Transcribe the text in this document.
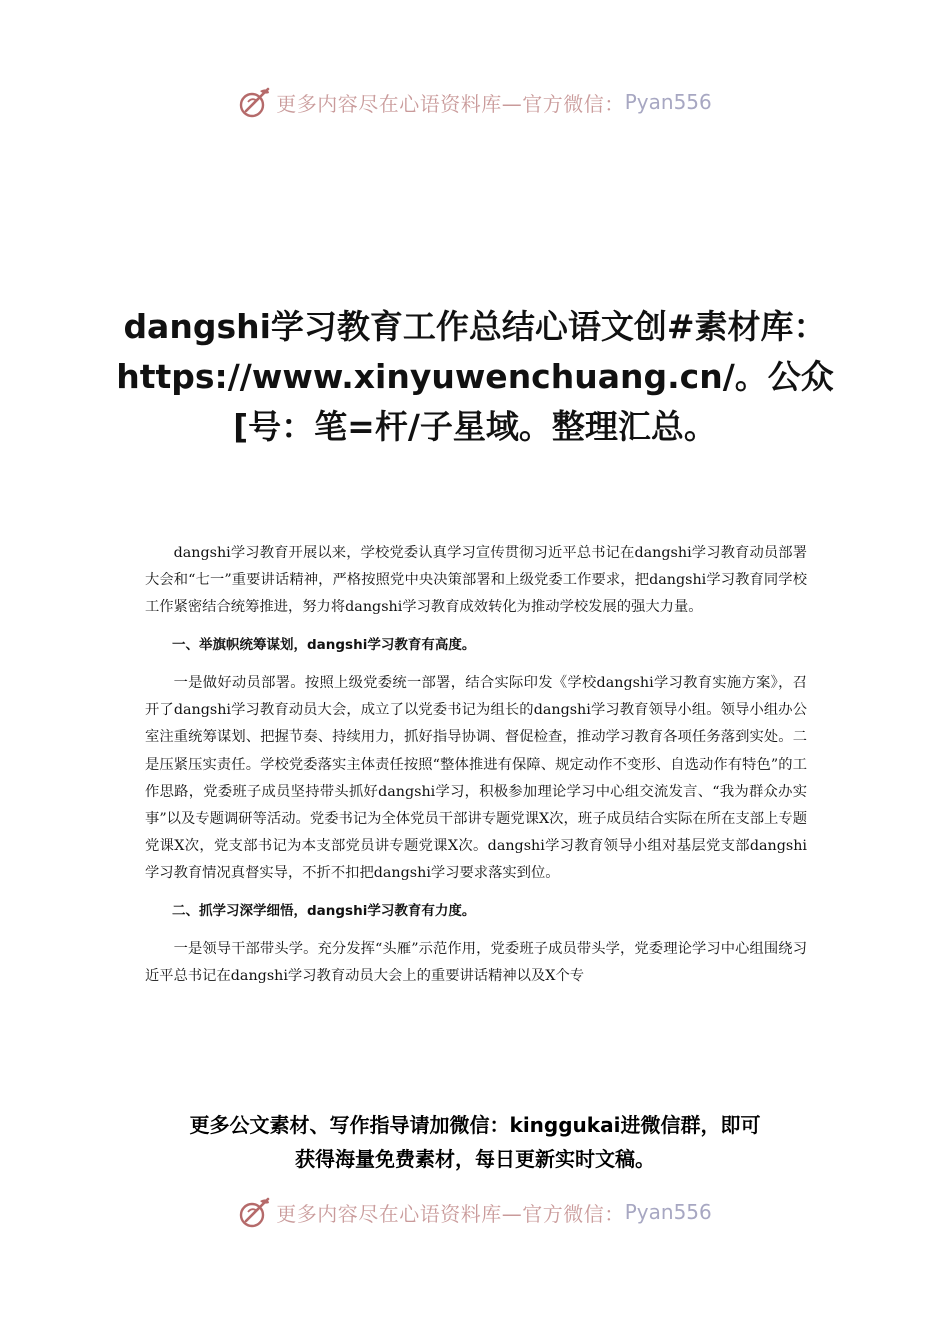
更多内容尽在心语资料库—官方微信： Pyan556
dangshi学习教育工作总结心语文创#素材库：https://www.xinyuwenchuang.cn/。公众[号：笔=杆/子星域。整理汇总。

dangshi学习教育开展以来，学校党委认真学习宣传贯彻习近平总书记在dangshi学习教育动员部署大会和“七一”重要讲话精神，严格按照党中央决策部署和上级党委工作要求，把dangshi学习教育同学校工作紧密结合统筹推进，努力将dangshi学习教育成效转化为推动学校发展的强大力量。

一、举旗帜统筹谋划，dangshi学习教育有高度。

一是做好动员部署。按照上级党委统一部署，结合实际印发《学校dangshi学习教育实施方案》，召开了dangshi学习教育动员大会，成立了以党委书记为组长的dangshi学习教育领导小组。领导小组办公室注重统筹谋划、把握节奏、持续用力，抓好指导协调、督促检查，推动学习教育各项任务落到实处。二是压紧压实责任。学校党委落实主体责任按照“整体推进有保障、规定动作不变形、自选动作有特色”的工作思路，党委班子成员坚持带头抓好dangshi学习，积极参加理论学习中心组交流发言、“我为群众办实事”以及专题调研等活动。党委书记为全体党员干部讲专题党课X次，班子成员结合实际在所在支部上专题党课X次，党支部书记为本支部党员讲专题党课X次。dangshi学习教育领导小组对基层党支部dangshi学习教育情况真督实导，不折不扣把dangshi学习要求落实到位。

二、抓学习深学细悟，dangshi学习教育有力度。

一是领导干部带头学。充分发挥“头雁”示范作用，党委班子成员带头学，党委理论学习中心组围绕习近平总书记在dangshi学习教育动员大会上的重要讲话精神以及X个专

更多公文素材、写作指导请加微信：kinggukai进微信群，即可
获得海量免费素材，每日更新实时文稿。
更多内容尽在心语资料库—官方微信： Pyan556
